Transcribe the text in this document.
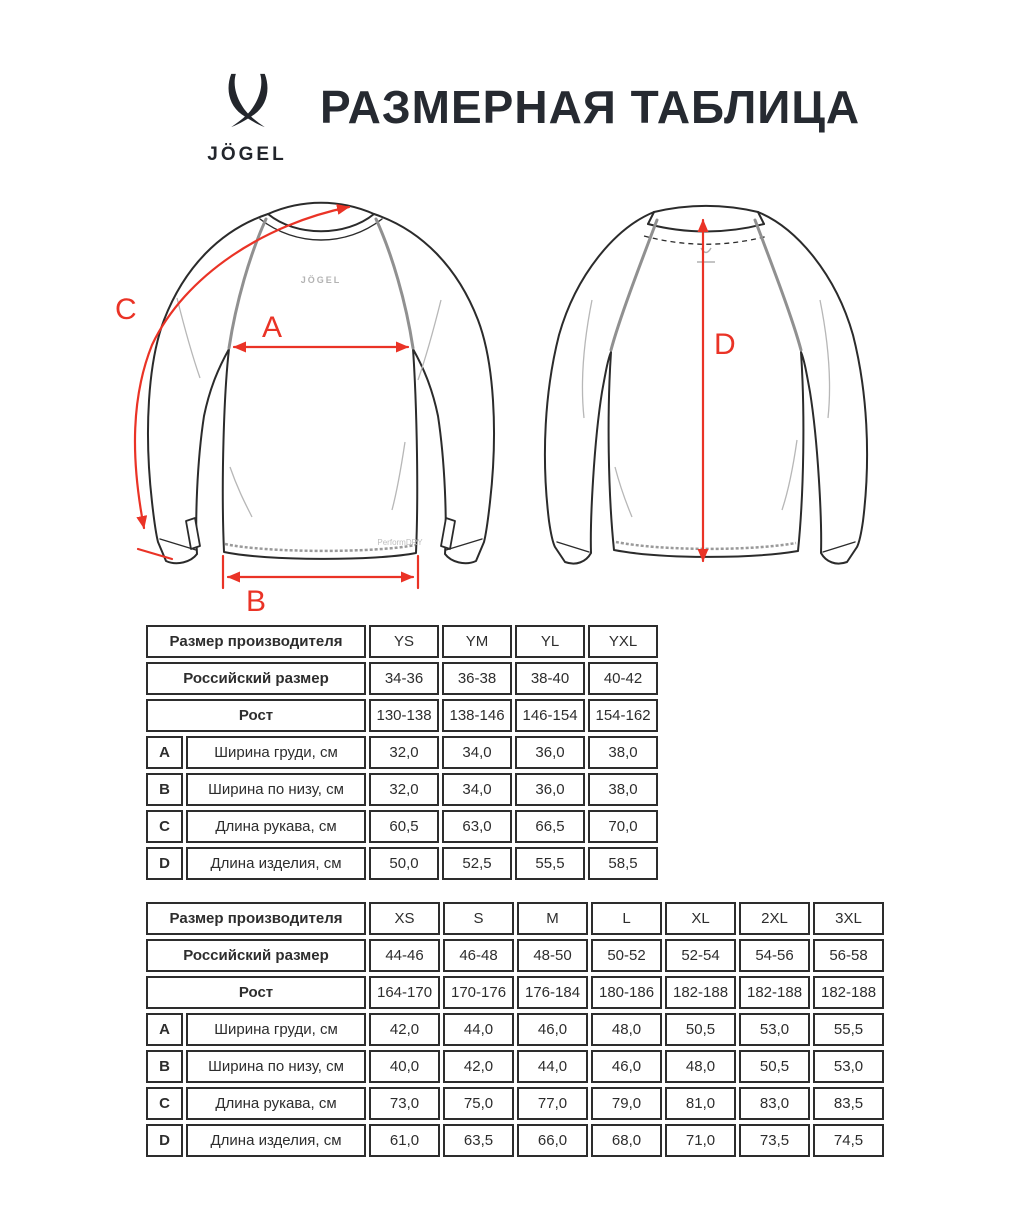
JÖGEL
РАЗМЕРНАЯ ТАБЛИЦА
JÖGEL
PerformDRY
A
B
C
D
Размер производителя		YS	YM	YL	YXL
Российский размер		34-36	36-38	38-40	40-42
Рост		130-138	138-146	146-154	154-162
A	Ширина груди, см	32,0	34,0	36,0	38,0
B	Ширина по низу, см	32,0	34,0	36,0	38,0
C	Длина рукава, см	60,5	63,0	66,5	70,0
D	Длина изделия, см	50,0	52,5	55,5	58,5
Размер производителя		XS	S	M	L	XL	2XL	3XL
Российский размер		44-46	46-48	48-50	50-52	52-54	54-56	56-58
Рост		164-170	170-176	176-184	180-186	182-188	182-188	182-188
A	Ширина груди, см	42,0	44,0	46,0	48,0	50,5	53,0	55,5
B	Ширина по низу, см	40,0	42,0	44,0	46,0	48,0	50,5	53,0
C	Длина рукава, см	73,0	75,0	77,0	79,0	81,0	83,0	83,5
D	Длина изделия, см	61,0	63,5	66,0	68,0	71,0	73,5	74,5
